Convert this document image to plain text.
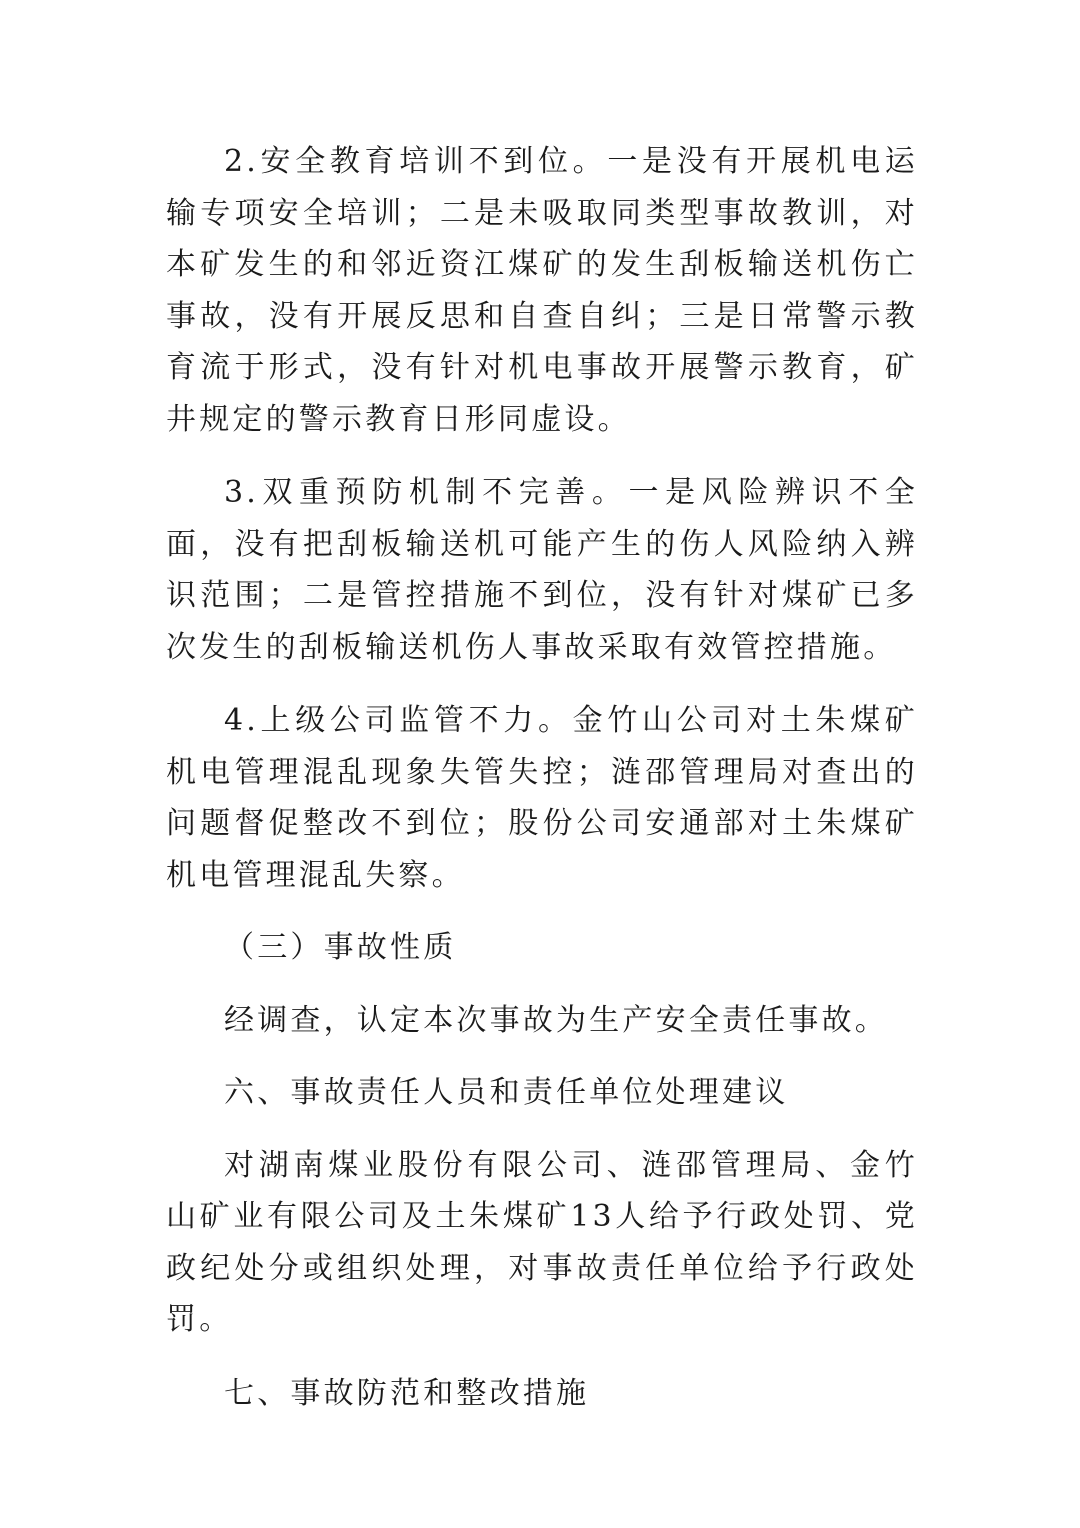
2.安全教育培训不到位。一是没有开展机电运输专项安全培训；二是未吸取同类型事故教训，对本矿发生的和邻近资江煤矿的发生刮板输送机伤亡事故，没有开展反思和自查自纠；三是日常警示教育流于形式，没有针对机电事故开展警示教育，矿井规定的警示教育日形同虚设。

3.双重预防机制不完善。一是风险辨识不全面，没有把刮板输送机可能产生的伤人风险纳入辨识范围；二是管控措施不到位，没有针对煤矿已多次发生的刮板输送机伤人事故采取有效管控措施。

4.上级公司监管不力。金竹山公司对土朱煤矿机电管理混乱现象失管失控；涟邵管理局对查出的问题督促整改不到位；股份公司安通部对土朱煤矿机电管理混乱失察。

（三）事故性质

经调查，认定本次事故为生产安全责任事故。

六、事故责任人员和责任单位处理建议

对湖南煤业股份有限公司、涟邵管理局、金竹山矿业有限公司及土朱煤矿13人给予行政处罚、党政纪处分或组织处理，对事故责任单位给予行政处罚。

七、事故防范和整改措施
